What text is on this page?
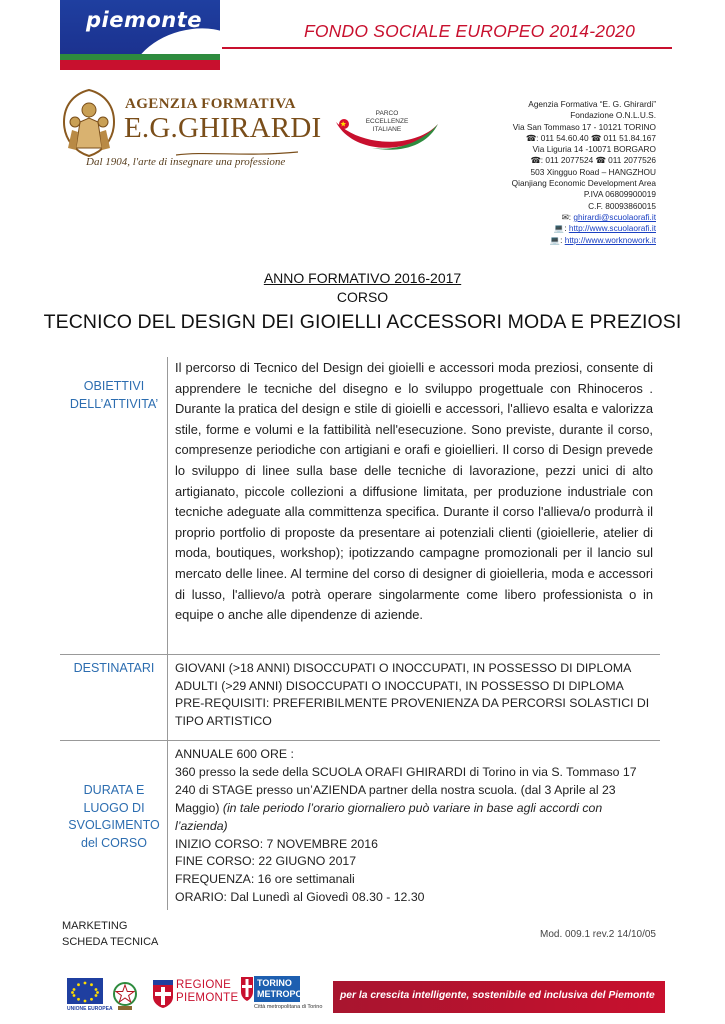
piemonte	FONDO SOCIALE EUROPEO 2014-2020
AGENZIA FORMATIVA
E.G.GHIRARDI
Dal 1904, l'arte di insegnare una professione
PARCO
ECCELLENZE
ITALIANE
Agenzia Formativa “E. G. Ghirardi”
Fondazione O.N.L.U.S.
Via San Tommaso 17 - 10121 TORINO
☎: 011 54.60.40 ☎ 011 51.84.167
Via Liguria 14 -10071 BORGARO
☎: 011 2077524 ☎ 011 2077526
503 Xingguo Road – HANGZHOU
Qianjiang Economic Development Area
P.IVA 06809900019
C.F. 80093860015
✉: ghirardi@scuolaorafi.it
💻: http://www.scuolaorafi.it
💻: http://www.worknowork.it
ANNO FORMATIVO 2016-2017
CORSO
TECNICO DEL DESIGN DEI GIOIELLI ACCESSORI MODA E PREZIOSI
OBIETTIVI
DELL’ATTIVITA’
Il percorso di Tecnico del Design dei gioielli e accessori moda preziosi, consente di apprendere le tecniche del disegno e lo sviluppo progettuale con Rhinoceros . Durante la pratica del design e stile di gioielli e accessori, l'allievo esalta e valorizza stile, forme e volumi e la fattibilità nell'esecuzione. Sono previste, durante il corso, compresenze periodiche con artigiani e orafi e gioiellieri. Il corso di Design prevede lo sviluppo di linee sulla base delle tecniche di lavorazione, pezzi unici di alto artigianato, piccole collezioni a diffusione limitata, per produzione industriale con tecniche adeguate alla committenza specifica. Durante il corso l'allieva/o produrrà il proprio portfolio di proposte da presentare ai potenziali clienti (gioiellerie, atelier di moda, boutiques, workshop); ipotizzando campagne promozionali per il lancio sul mercato delle linee. Al termine del corso di designer di gioielleria, moda e accessori di lusso, l'allievo/a potrà operare singolarmente come libero professionista o in equipe o anche alle dipendenze di aziende.
DESTINATARI	GIOVANI (>18 ANNI) DISOCCUPATI O INOCCUPATI, IN POSSESSO DI DIPLOMA
ADULTI (>29 ANNI) DISOCCUPATI O INOCCUPATI, IN POSSESSO DI DIPLOMA
PRE-REQUISITI: PREFERIBILMENTE PROVENIENZA DA PERCORSI SOLASTICI DI
TIPO ARTISTICO
DURATA E
LUOGO DI
SVOLGIMENTO
del CORSO
ANNUALE 600 ORE :
360 presso la sede della SCUOLA ORAFI GHIRARDI di Torino in via S. Tommaso 17
240 di STAGE presso un’AZIENDA partner della nostra scuola. (dal 3 Aprile al 23
Maggio) (in tale periodo l’orario giornaliero può variare in base agli accordi con
l’azienda)
INIZIO CORSO: 7 NOVEMBRE 2016
FINE CORSO: 22 GIUGNO 2017
FREQUENZA: 16 ore settimanali
ORARIO: Dal Lunedì al Giovedì 08.30 - 12.30
MARKETING
SCHEDA TECNICA
Mod. 009.1 rev.2 14/10/05
UNIONE EUROPEA
REGIONE
PIEMONTE
TORINO
METROPOLI
Città metropolitana di Torino
per la crescita intelligente, sostenibile ed inclusiva del Piemonte
